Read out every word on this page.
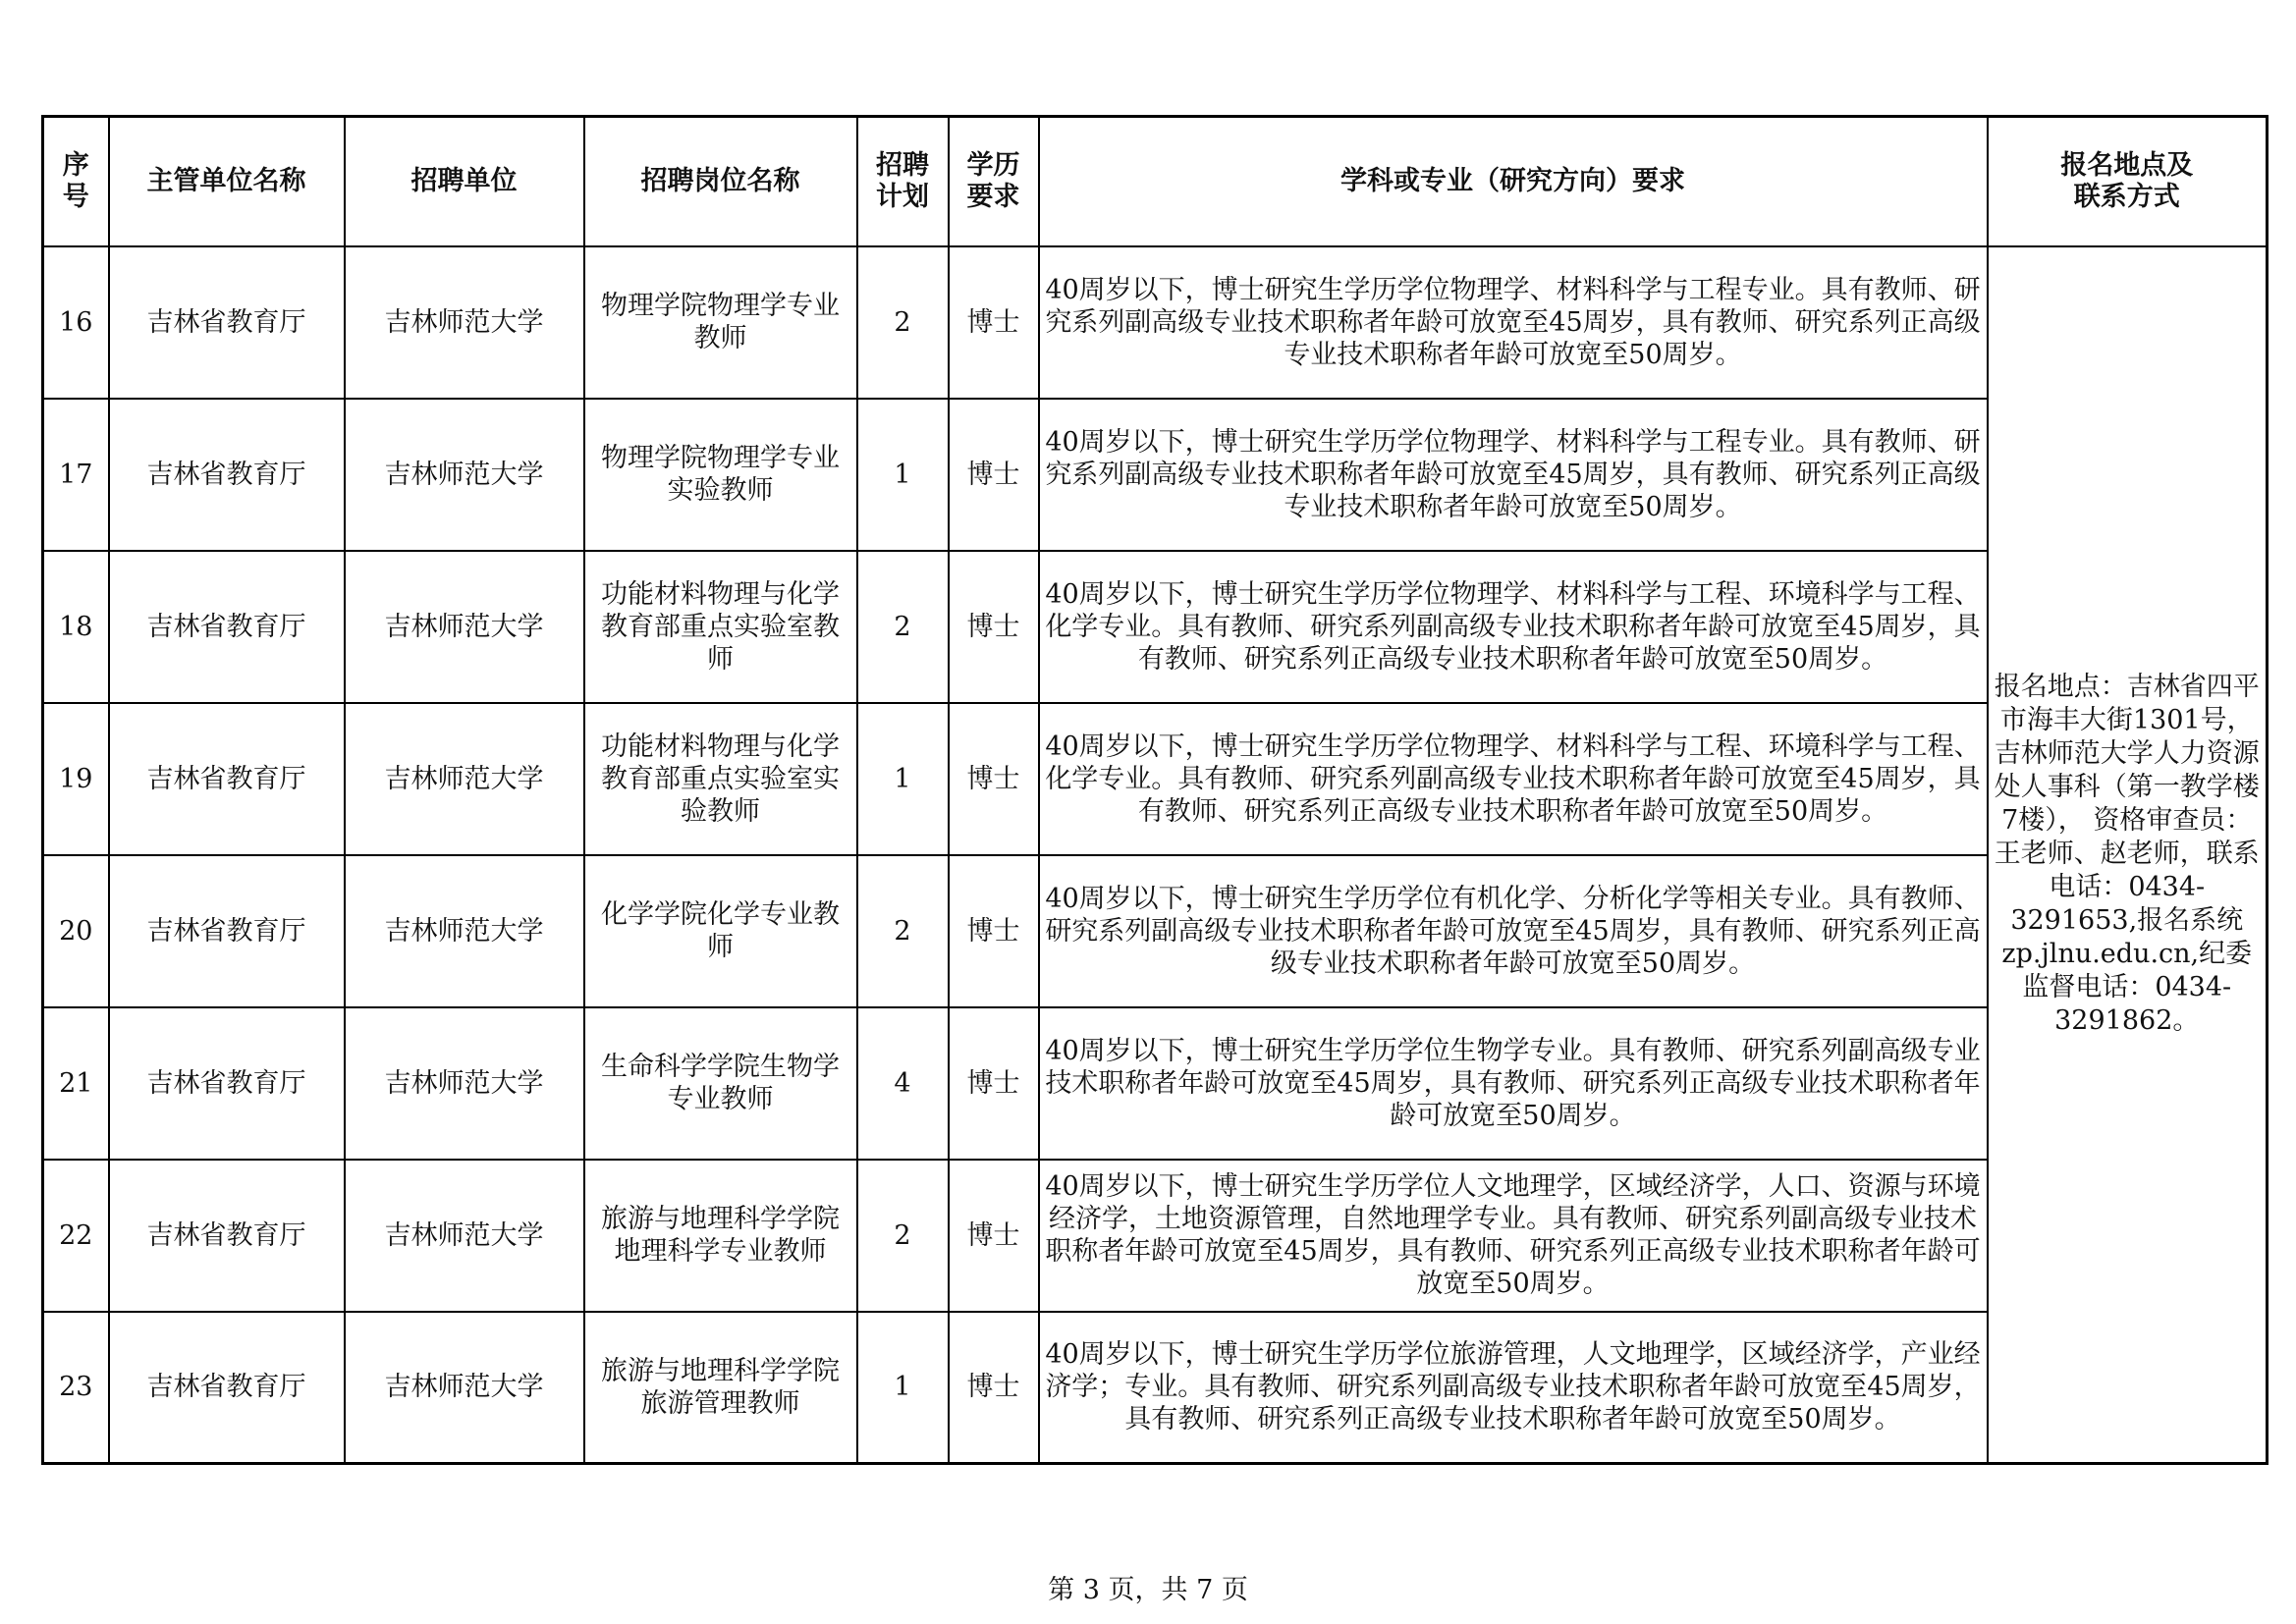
序号	主管单位名称	招聘单位	招聘岗位名称	招聘计划	学历要求	学科或专业（研究方向）要求	报名地点及联系方式
16	吉林省教育厅	吉林师范大学	物理学院物理学专业教师	2	博士	40周岁以下，博士研究生学历学位物理学、材料科学与工程专业。具有教师、研究系列副高级专业技术职称者年龄可放宽至45周岁，具有教师、研究系列正高级专业技术职称者年龄可放宽至50周岁。	报名地点：吉林省四平市海丰大街1301号，吉林师范大学人力资源处人事科（第一教学楼7楼）， 资格审查员：王老师、赵老师，联系电话：0434-3291653,报名系统zp.jlnu.edu.cn,纪委监督电话：0434-3291862。
17	吉林省教育厅	吉林师范大学	物理学院物理学专业实验教师	1	博士	40周岁以下，博士研究生学历学位物理学、材料科学与工程专业。具有教师、研究系列副高级专业技术职称者年龄可放宽至45周岁，具有教师、研究系列正高级专业技术职称者年龄可放宽至50周岁。	
18	吉林省教育厅	吉林师范大学	功能材料物理与化学教育部重点实验室教师	2	博士	40周岁以下，博士研究生学历学位物理学、材料科学与工程、环境科学与工程、化学专业。具有教师、研究系列副高级专业技术职称者年龄可放宽至45周岁，具有教师、研究系列正高级专业技术职称者年龄可放宽至50周岁。	
19	吉林省教育厅	吉林师范大学	功能材料物理与化学教育部重点实验室实验教师	1	博士	40周岁以下，博士研究生学历学位物理学、材料科学与工程、环境科学与工程、化学专业。具有教师、研究系列副高级专业技术职称者年龄可放宽至45周岁，具有教师、研究系列正高级专业技术职称者年龄可放宽至50周岁。	
20	吉林省教育厅	吉林师范大学	化学学院化学专业教师	2	博士	40周岁以下，博士研究生学历学位有机化学、分析化学等相关专业。具有教师、研究系列副高级专业技术职称者年龄可放宽至45周岁，具有教师、研究系列正高级专业技术职称者年龄可放宽至50周岁。	
21	吉林省教育厅	吉林师范大学	生命科学学院生物学专业教师	4	博士	40周岁以下，博士研究生学历学位生物学专业。具有教师、研究系列副高级专业技术职称者年龄可放宽至45周岁，具有教师、研究系列正高级专业技术职称者年龄可放宽至50周岁。	
22	吉林省教育厅	吉林师范大学	旅游与地理科学学院地理科学专业教师	2	博士	40周岁以下，博士研究生学历学位人文地理学，区域经济学，人口、资源与环境经济学，土地资源管理，自然地理学专业。具有教师、研究系列副高级专业技术职称者年龄可放宽至45周岁，具有教师、研究系列正高级专业技术职称者年龄可放宽至50周岁。	
23	吉林省教育厅	吉林师范大学	旅游与地理科学学院旅游管理教师	1	博士	40周岁以下，博士研究生学历学位旅游管理，人文地理学，区域经济学，产业经济学；专业。具有教师、研究系列副高级专业技术职称者年龄可放宽至45周岁，具有教师、研究系列正高级专业技术职称者年龄可放宽至50周岁。	
第 3 页，共 7 页
